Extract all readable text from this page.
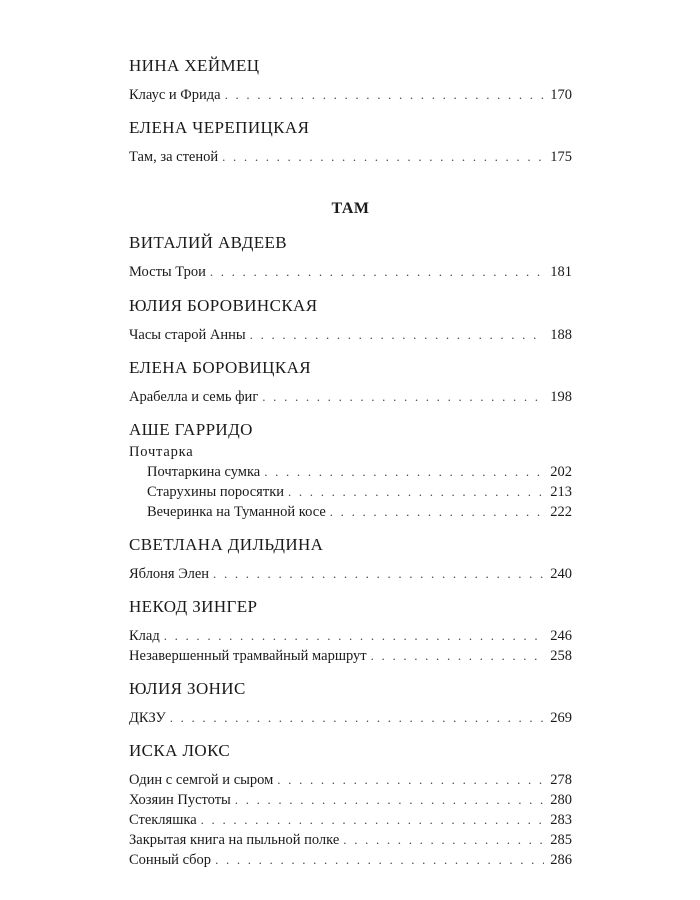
НИНА ХЕЙМЕЦ
Клаус и Фрида . . .	170
ЕЛЕНА ЧЕРЕПИЦКАЯ
Там, за стеной . . .	175
ТАМ
ВИТАЛИЙ АВДЕЕВ
Мосты Трои . . .	181
ЮЛИЯ БОРОВИНСКАЯ
Часы старой Анны . . .	188
ЕЛЕНА БОРОВИЦКАЯ
Арабелла и семь фиг . . .	198
АШЕ ГАРРИДО
Почтарка
Почтаркина сумка . . .	202
Старухины поросятки . . .	213
Вечеринка на Туманной косе . . .	222
СВЕТЛАНА ДИЛЬДИНА
Яблоня Элен . . .	240
НЕКОД ЗИНГЕР
Клад . . .	246
Незавершенный трамвайный маршрут . . .	258
ЮЛИЯ ЗОНИС
ДКЗУ . . .	269
ИСКА ЛОКС
Один с семгой и сыром . . .	278
Хозяин Пустоты . . .	280
Стекляшка . . .	283
Закрытая книга на пыльной полке . . .	285
Сонный сбор . . .	286
